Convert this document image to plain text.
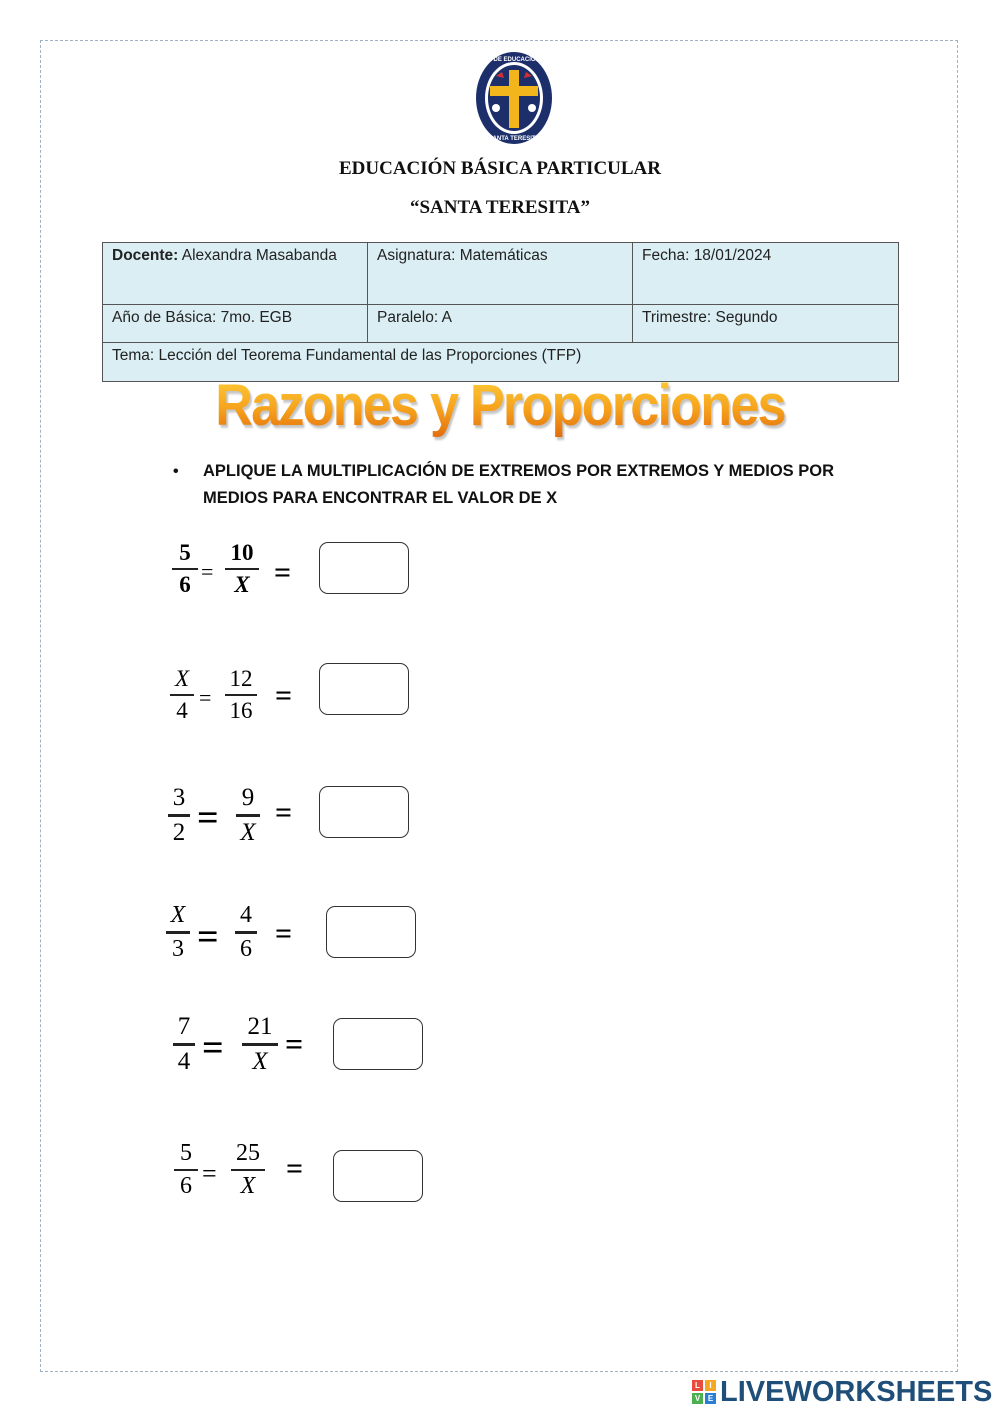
ESCUELA DE EDUCACIÓN BÁSICA
"SANTA TERESITA"
EDUCACIÓN BÁSICA PARTICULAR
“SANTA TERESITA”
Docente: Alexandra Masabanda	Asignatura: Matemáticas	Fecha: 18/01/2024
Año de Básica: 7mo. EGB	Paralelo: A	Trimestre: Segundo
Tema: Lección del Teorema Fundamental de las Proporciones (TFP)		
Razones y Proporciones
• APLIQUE LA MULTIPLICACIÓN DE EXTREMOS POR EXTREMOS Y MEDIOS POR MEDIOS PARA ENCONTRAR EL VALOR DE X
5
6
=
10
X =
X
4 =
12
16 =
3
2 = 9
X
=
X
3 =
4
6 =
7
4 =
21
X =
5
6 =
25
X
=
L	I
V E LIVEWORKSHEETS
